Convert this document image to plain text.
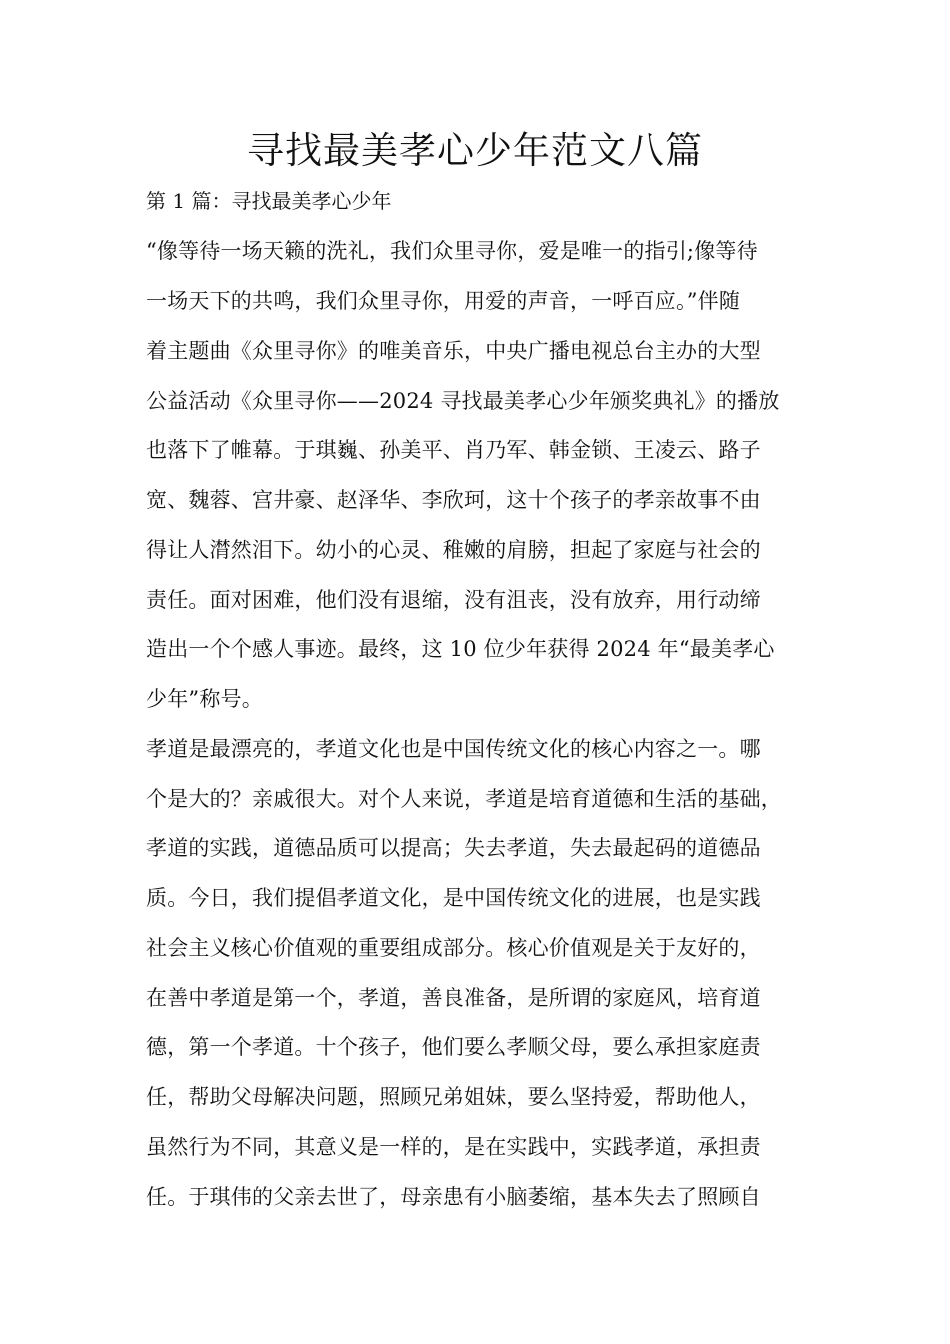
寻找最美孝心少年范文八篇
第 1 篇：寻找最美孝心少年
“像等待一场天籁的洗礼，我们众里寻你，爱是唯一的指引;像等待
一场天下的共鸣，我们众里寻你，用爱的声音，一呼百应。”伴随
着主题曲《众里寻你》的唯美音乐，中央广播电视总台主办的大型
公益活动《众里寻你——2024 寻找最美孝心少年颁奖典礼》的播放
也落下了帷幕。于琪巍、孙美平、肖乃军、韩金锁、王凌云、路子
宽、魏蓉、宫井豪、赵泽华、李欣珂，这十个孩子的孝亲故事不由
得让人潸然泪下。幼小的心灵、稚嫩的肩膀，担起了家庭与社会的
责任。面对困难，他们没有退缩，没有沮丧，没有放弃，用行动缔
造出一个个感人事迹。最终，这 10 位少年获得 2024 年“最美孝心
少年”称号。
孝道是最漂亮的，孝道文化也是中国传统文化的核心内容之一。哪
个是大的？亲戚很大。对个人来说，孝道是培育道德和生活的基础，
孝道的实践，道德品质可以提高；失去孝道，失去最起码的道德品
质。今日，我们提倡孝道文化，是中国传统文化的进展，也是实践
社会主义核心价值观的重要组成部分。核心价值观是关于友好的，
在善中孝道是第一个，孝道，善良准备，是所谓的家庭风，培育道
德，第一个孝道。十个孩子，他们要么孝顺父母，要么承担家庭责
任，帮助父母解决问题，照顾兄弟姐妹，要么坚持爱，帮助他人，
虽然行为不同，其意义是一样的，是在实践中，实践孝道，承担责
任。于琪伟的父亲去世了，母亲患有小脑萎缩，基本失去了照顾自
